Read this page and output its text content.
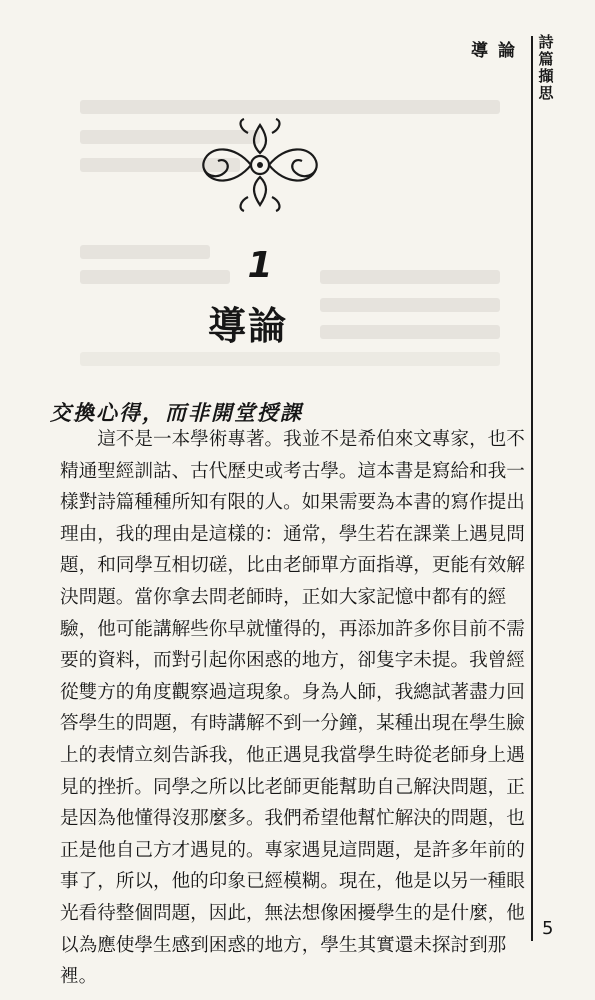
導論 詩
篇
擷
思
1
導論
交換心得，而非開堂授課
　　這不是一本學術專著。我並不是希伯來文專家，也不
精通聖經訓詁、古代歷史或考古學。這本書是寫給和我一
樣對詩篇種種所知有限的人。如果需要為本書的寫作提出
理由，我的理由是這樣的：通常，學生若在課業上遇見問
題，和同學互相切磋，比由老師單方面指導，更能有效解
決問題。當你拿去問老師時，正如大家記憶中都有的經
驗，他可能講解些你早就懂得的，再添加許多你目前不需
要的資料，而對引起你困惑的地方，卻隻字未提。我曾經
從雙方的角度觀察過這現象。身為人師，我總試著盡力回
答學生的問題，有時講解不到一分鐘，某種出現在學生臉
上的表情立刻告訴我，他正遇見我當學生時從老師身上遇
見的挫折。同學之所以比老師更能幫助自己解決問題，正
是因為他懂得沒那麼多。我們希望他幫忙解決的問題，也
正是他自己方才遇見的。專家遇見這問題，是許多年前的
事了，所以，他的印象已經模糊。現在，他是以另一種眼
光看待整個問題，因此，無法想像困擾學生的是什麼，他
以為應使學生感到困惑的地方，學生其實還未探討到那
裡。
5
